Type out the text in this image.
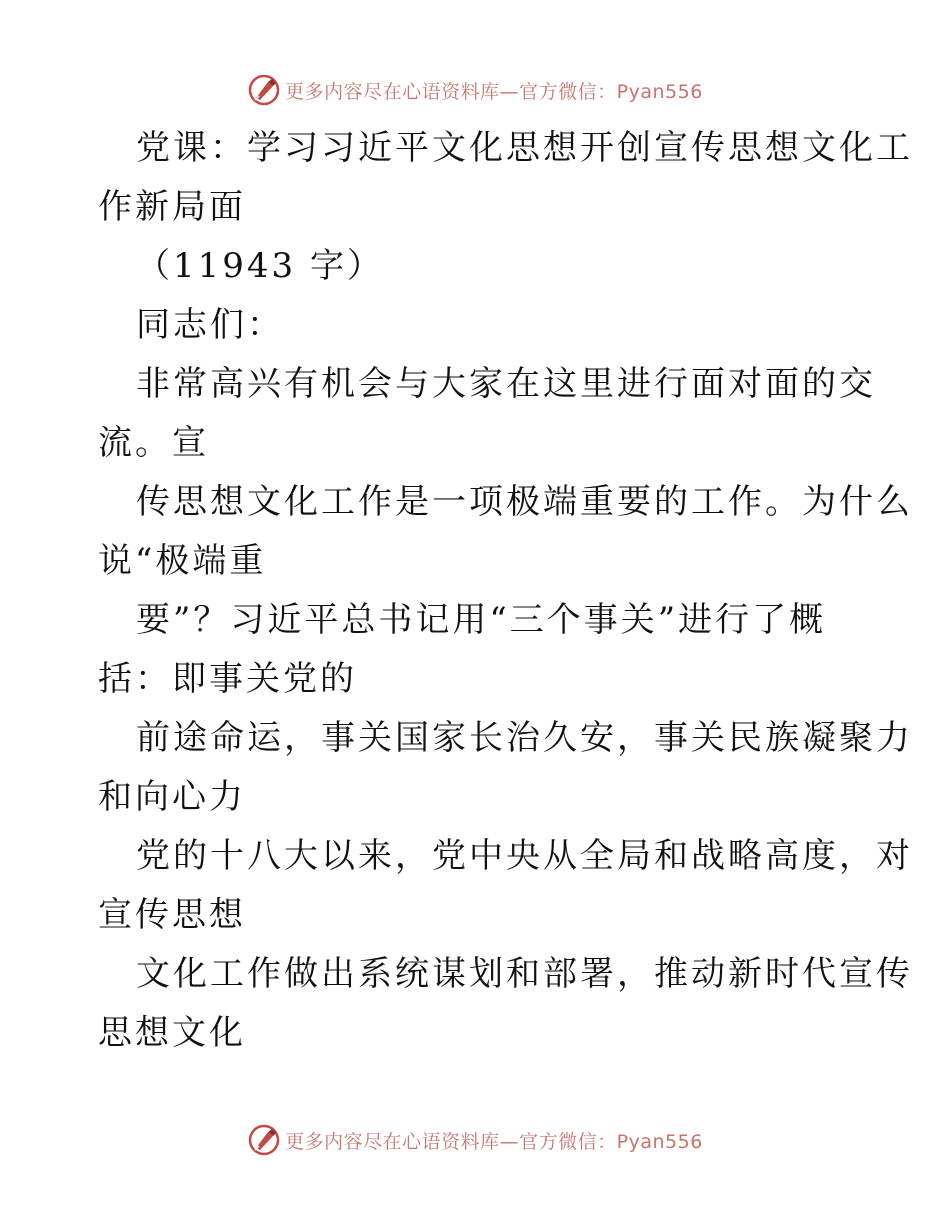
更多内容尽在心语资料库—官方微信：Pyan556
党课：学习习近平文化思想开创宣传思想文化工
作新局面
（11943 字）
同志们：
非常高兴有机会与大家在这里进行面对面的交
流。宣
传思想文化工作是一项极端重要的工作。为什么
说“极端重
要”？习近平总书记用“三个事关”进行了概
括：即事关党的
前途命运，事关国家长治久安，事关民族凝聚力
和向心力
党的十八大以来，党中央从全局和战略高度，对
宣传思想
文化工作做出系统谋划和部署，推动新时代宣传
思想文化
更多内容尽在心语资料库—官方微信：Pyan556
